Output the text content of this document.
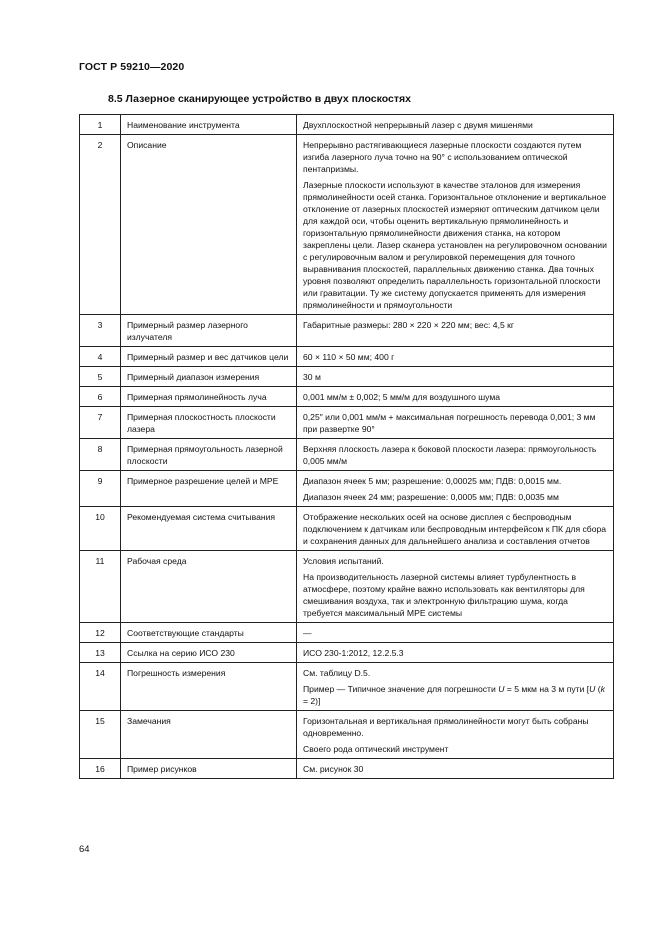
ГОСТ Р 59210—2020
8.5 Лазерное сканирующее устройство в двух плоскостях
1	Наименование инструмента	Двухплоскостной непрерывный лазер с двумя мишенями

2	Описание	Непрерывно растягивающиеся лазерные плоскости создаются путем изгиба лазерного луча точно на 90° с использованием оптической пентапризмы.
Лазерные плоскости используют в качестве эталонов для измерения прямолинейности осей станка. Горизонтальное отклонение и вертикальное отклонение от лазерных плоскостей измеряют оптическим датчиком цели для каждой оси, чтобы оценить вертикальную прямолинейность и горизонтальную прямолинейности движения станка, на котором закреплены цели. Лазер сканера установлен на регулировочном основании с регулировочным валом и регулировкой перемещения для точного выравнивания плоскостей, параллельных движению станка. Два точных уровня позволяют определить параллельность горизонтальной плоскости или гравитации. Ту же систему допускается применять для измерения прямолинейности и прямоугольности

3	Примерный размер лазерного излучателя	Габаритные размеры: 280 × 220 × 220 мм; вес: 4,5 кг

4	Примерный размер и вес датчиков цели	60 × 110 × 50 мм; 400 г

5	Примерный диапазон измерения	30 м

6	Примерная прямолинейность луча	0,001 мм/м ± 0,002; 5 мм/м для воздушного шума

7	Примерная плоскостность плоскости лазера	0,25″ или 0,001 мм/м + максимальная погрешность перевода 0,001; 3 мм при развертке 90°

8	Примерная прямоугольность лазерной плоскости	Верхняя плоскость лазера к боковой плоскости лазера: прямоугольность 0,005 мм/м

9	Примерное разрешение целей и MPE	Диапазон ячеек 5 мм; разрешение: 0,00025 мм; ПДВ: 0,0015 мм.
Диапазон ячеек 24 мм; разрешение: 0,0005 мм; ПДВ: 0,0035 мм

10	Рекомендуемая система считывания	Отображение нескольких осей на основе дисплея с беспроводным подключением к датчикам или беспроводным интерфейсом к ПК для сбора и сохранения данных для дальнейшего анализа и составления отчетов

11	Рабочая среда	Условия испытаний.
На производительность лазерной системы влияет турбулентность в атмосфере, поэтому крайне важно использовать как вентиляторы для смешивания воздуха, так и электронную фильтрацию шума, когда требуется максимальный MPE системы

12	Соответствующие стандарты	—

13	Ссылка на серию ИСО 230	ИСО 230-1:2012, 12.2.5.3

14	Погрешность измерения	См. таблицу D.5.
Пример — Типичное значение для погрешности U = 5 мкм на 3 м пути [U (k = 2)]

15	Замечания	Горизонтальная и вертикальная прямолинейности могут быть собраны одновременно.
Своего рода оптический инструмент

16	Пример рисунков	См. рисунок 30
64
